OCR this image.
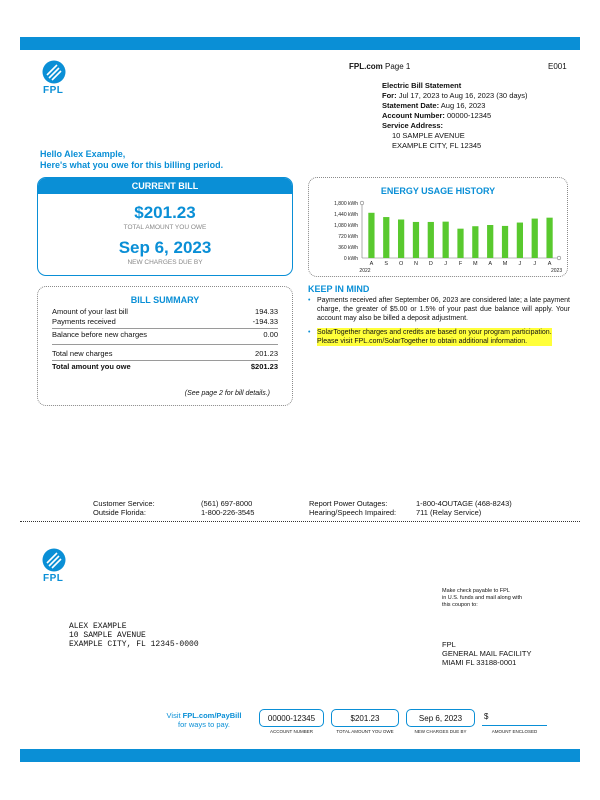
FPL
FPL.com Page 1	E001
Electric Bill Statement
For: Jul 17, 2023 to Aug 16, 2023 (30 days)
Statement Date: Aug 16, 2023
Account Number: 00000-12345
Service Address:
10 SAMPLE AVENUE
EXAMPLE CITY, FL 12345
Hello Alex Example,
Here's what you owe for this billing period.
CURRENT BILL
$201.23
TOTAL AMOUNT YOU OWE
Sep 6, 2023
NEW CHARGES DUE BY
BILL SUMMARY
Amount of your last bill	194.33
Payments received	-194.33
Balance before new charges	0.00
Total new charges	201.23
Total amount you owe	$201.23
(See page 2 for bill details.)
ENERGY USAGE HISTORY
1,800 kWh
1,440 kWh
1,080 kWh
720 kWh
360 kWh
0 kWh
A S O N D J F M A M J J A
2022	2023
KEEP IN MIND
• Payments received after September 06, 2023 are considered late; a late payment charge, the greater of $5.00 or 1.5% of your past due balance will apply. Your account may also be billed a deposit adjustment.
• SolarTogether charges and credits are based on your program participation.
Please visit FPL.com/SolarTogether to obtain additional information.
Customer Service:	(561) 697-8000
Outside Florida:	1-800-226-3545
Report Power Outages:	1-800-4OUTAGE (468-8243)
Hearing/Speech Impaired:	711 (Relay Service)
FPL
Make check payable to FPL
in U.S. funds and mail along with
this coupon to:
ALEX EXAMPLE
10 SAMPLE AVENUE
EXAMPLE CITY, FL 12345-0000	FPL
GENERAL MAIL FACILITY
MIAMI FL 33188-0001
Visit FPL.com/PayBill
for ways to pay.
00000-12345
ACCOUNT NUMBER
$201.23
TOTAL AMOUNT YOU OWE
Sep 6, 2023
NEW CHARGES DUE BY
$
AMOUNT ENCLOSED
